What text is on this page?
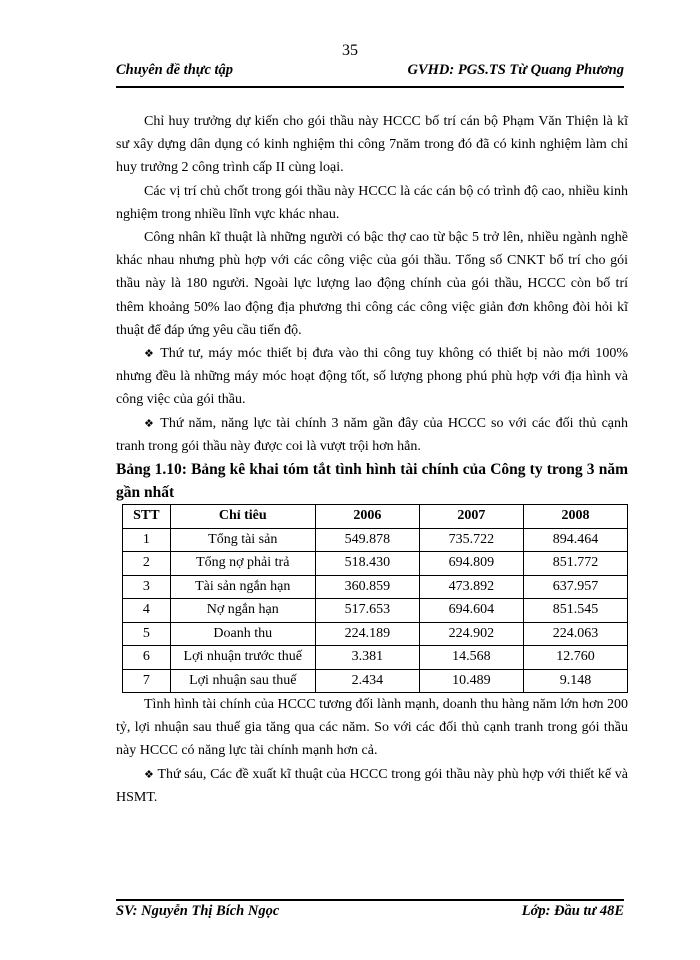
35
Chuyên đề thực tập	GVHD: PGS.TS Từ Quang Phương

Chỉ huy trưởng dự kiến cho gói thầu này HCCC bố trí cán bộ Phạm Văn Thiện là kĩ sư xây dựng dân dụng có kinh nghiệm thi công 7năm trong đó đã có kinh nghiệm làm chỉ huy trưởng 2 công trình cấp II cùng loại.

Các vị trí chủ chốt trong gói thầu này HCCC là các cán bộ có trình độ cao, nhiều kinh nghiệm trong nhiều lĩnh vực khác nhau.

Công nhân kĩ thuật là những người có bậc thợ cao từ bậc 5 trở lên, nhiều ngành nghề khác nhau nhưng phù hợp với các công việc của gói thầu. Tổng số CNKT bố trí cho gói thầu này là 180 người. Ngoài lực lượng lao động chính của gói thầu, HCCC còn bố trí thêm khoảng 50% lao động địa phương thi công các công việc giản đơn không đòi hỏi kĩ thuật để đáp ứng yêu cầu tiến độ.

❖ Thứ tư, máy móc thiết bị đưa vào thi công tuy không có thiết bị nào mới 100% nhưng đều là những máy móc hoạt động tốt, số lượng phong phú phù hợp với địa hình và công việc của gói thầu.

❖ Thứ năm, năng lực tài chính 3 năm gần đây của HCCC so với các đối thủ cạnh tranh trong gói thầu này được coi là vượt trội hơn hẳn.

Bảng 1.10: Bảng kê khai tóm tắt tình hình tài chính của Công ty trong 3 năm gần nhất

STT	Chỉ tiêu	2006	2007	2008
1	Tổng tài sản	549.878	735.722	894.464
2	Tổng nợ phải trả	518.430	694.809	851.772
3	Tài sản ngắn hạn	360.859	473.892	637.957
4	Nợ ngắn hạn	517.653	694.604	851.545
5	Doanh thu	224.189	224.902	224.063
6	Lợi nhuận trước thuế	3.381	14.568	12.760
7	Lợi nhuận sau thuế	2.434	10.489	9.148

Tình hình tài chính của HCCC tương đối lành mạnh, doanh thu hàng năm lớn hơn 200 tỷ, lợi nhuận sau thuế gia tăng qua các năm. So với các đối thủ cạnh tranh trong gói thầu này HCCC có năng lực tài chính mạnh hơn cả.

❖ Thứ sáu, Các đề xuất kĩ thuật của HCCC trong gói thầu này phù hợp với thiết kế và HSMT.

SV: Nguyễn Thị Bích Ngọc	Lớp: Đầu tư 48E
